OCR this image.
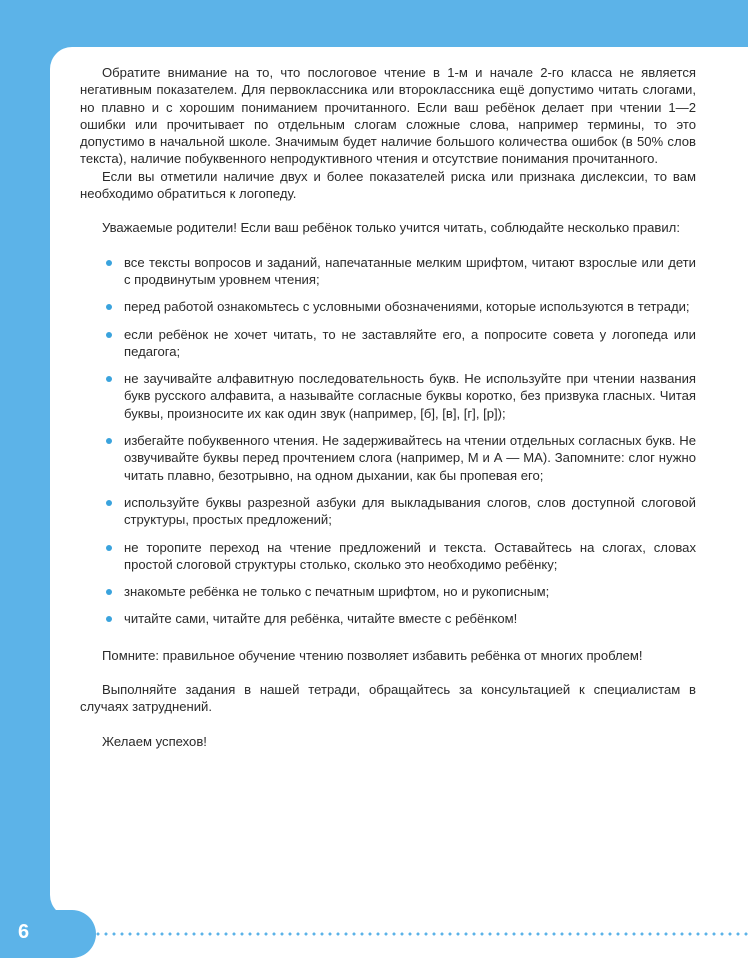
Обратите внимание на то, что послоговое чтение в 1-м и начале 2-го класса не является негативным показателем. Для первоклассника или второклассника ещё допустимо читать слогами, но плавно и с хорошим пониманием прочитанного. Если ваш ребёнок делает при чтении 1—2 ошибки или прочитывает по отдельным слогам сложные слова, например термины, то это допустимо в начальной школе. Значимым будет наличие большого количества ошибок (в 50% слов текста), наличие побуквенного непродуктивного чтения и отсутствие понимания прочитанного.

Если вы отметили наличие двух и более показателей риска или признака дислексии, то вам необходимо обратиться к логопеду.

Уважаемые родители! Если ваш ребёнок только учится читать, соблюдайте несколько правил:

все тексты вопросов и заданий, напечатанные мелким шрифтом, читают взрослые или дети с продвинутым уровнем чтения;
перед работой ознакомьтесь с условными обозначениями, которые используются в тетради;
если ребёнок не хочет читать, то не заставляйте его, а попросите совета у логопеда или педагога;
не заучивайте алфавитную последовательность букв. Не используйте при чтении названия букв русского алфавита, а называйте согласные буквы коротко, без призвука гласных. Читая буквы, произносите их как один звук (например, [б], [в], [г], [р]);
избегайте побуквенного чтения. Не задерживайтесь на чтении отдельных согласных букв. Не озвучивайте буквы перед прочтением слога (например, М и А — МА). Запомните: слог нужно читать плавно, безотрывно, на одном дыхании, как бы пропевая его;
используйте буквы разрезной азбуки для выкладывания слогов, слов доступной слоговой структуры, простых предложений;
не торопите переход на чтение предложений и текста. Оставайтесь на слогах, словах простой слоговой структуры столько, сколько это необходимо ребёнку;
знакомьте ребёнка не только с печатным шрифтом, но и рукописным;
читайте сами, читайте для ребёнка, читайте вместе с ребёнком!

Помните: правильное обучение чтению позволяет избавить ребёнка от многих проблем!

Выполняйте задания в нашей тетради, обращайтесь за консультацией к специалистам в случаях затруднений.

Желаем успехов!

6
